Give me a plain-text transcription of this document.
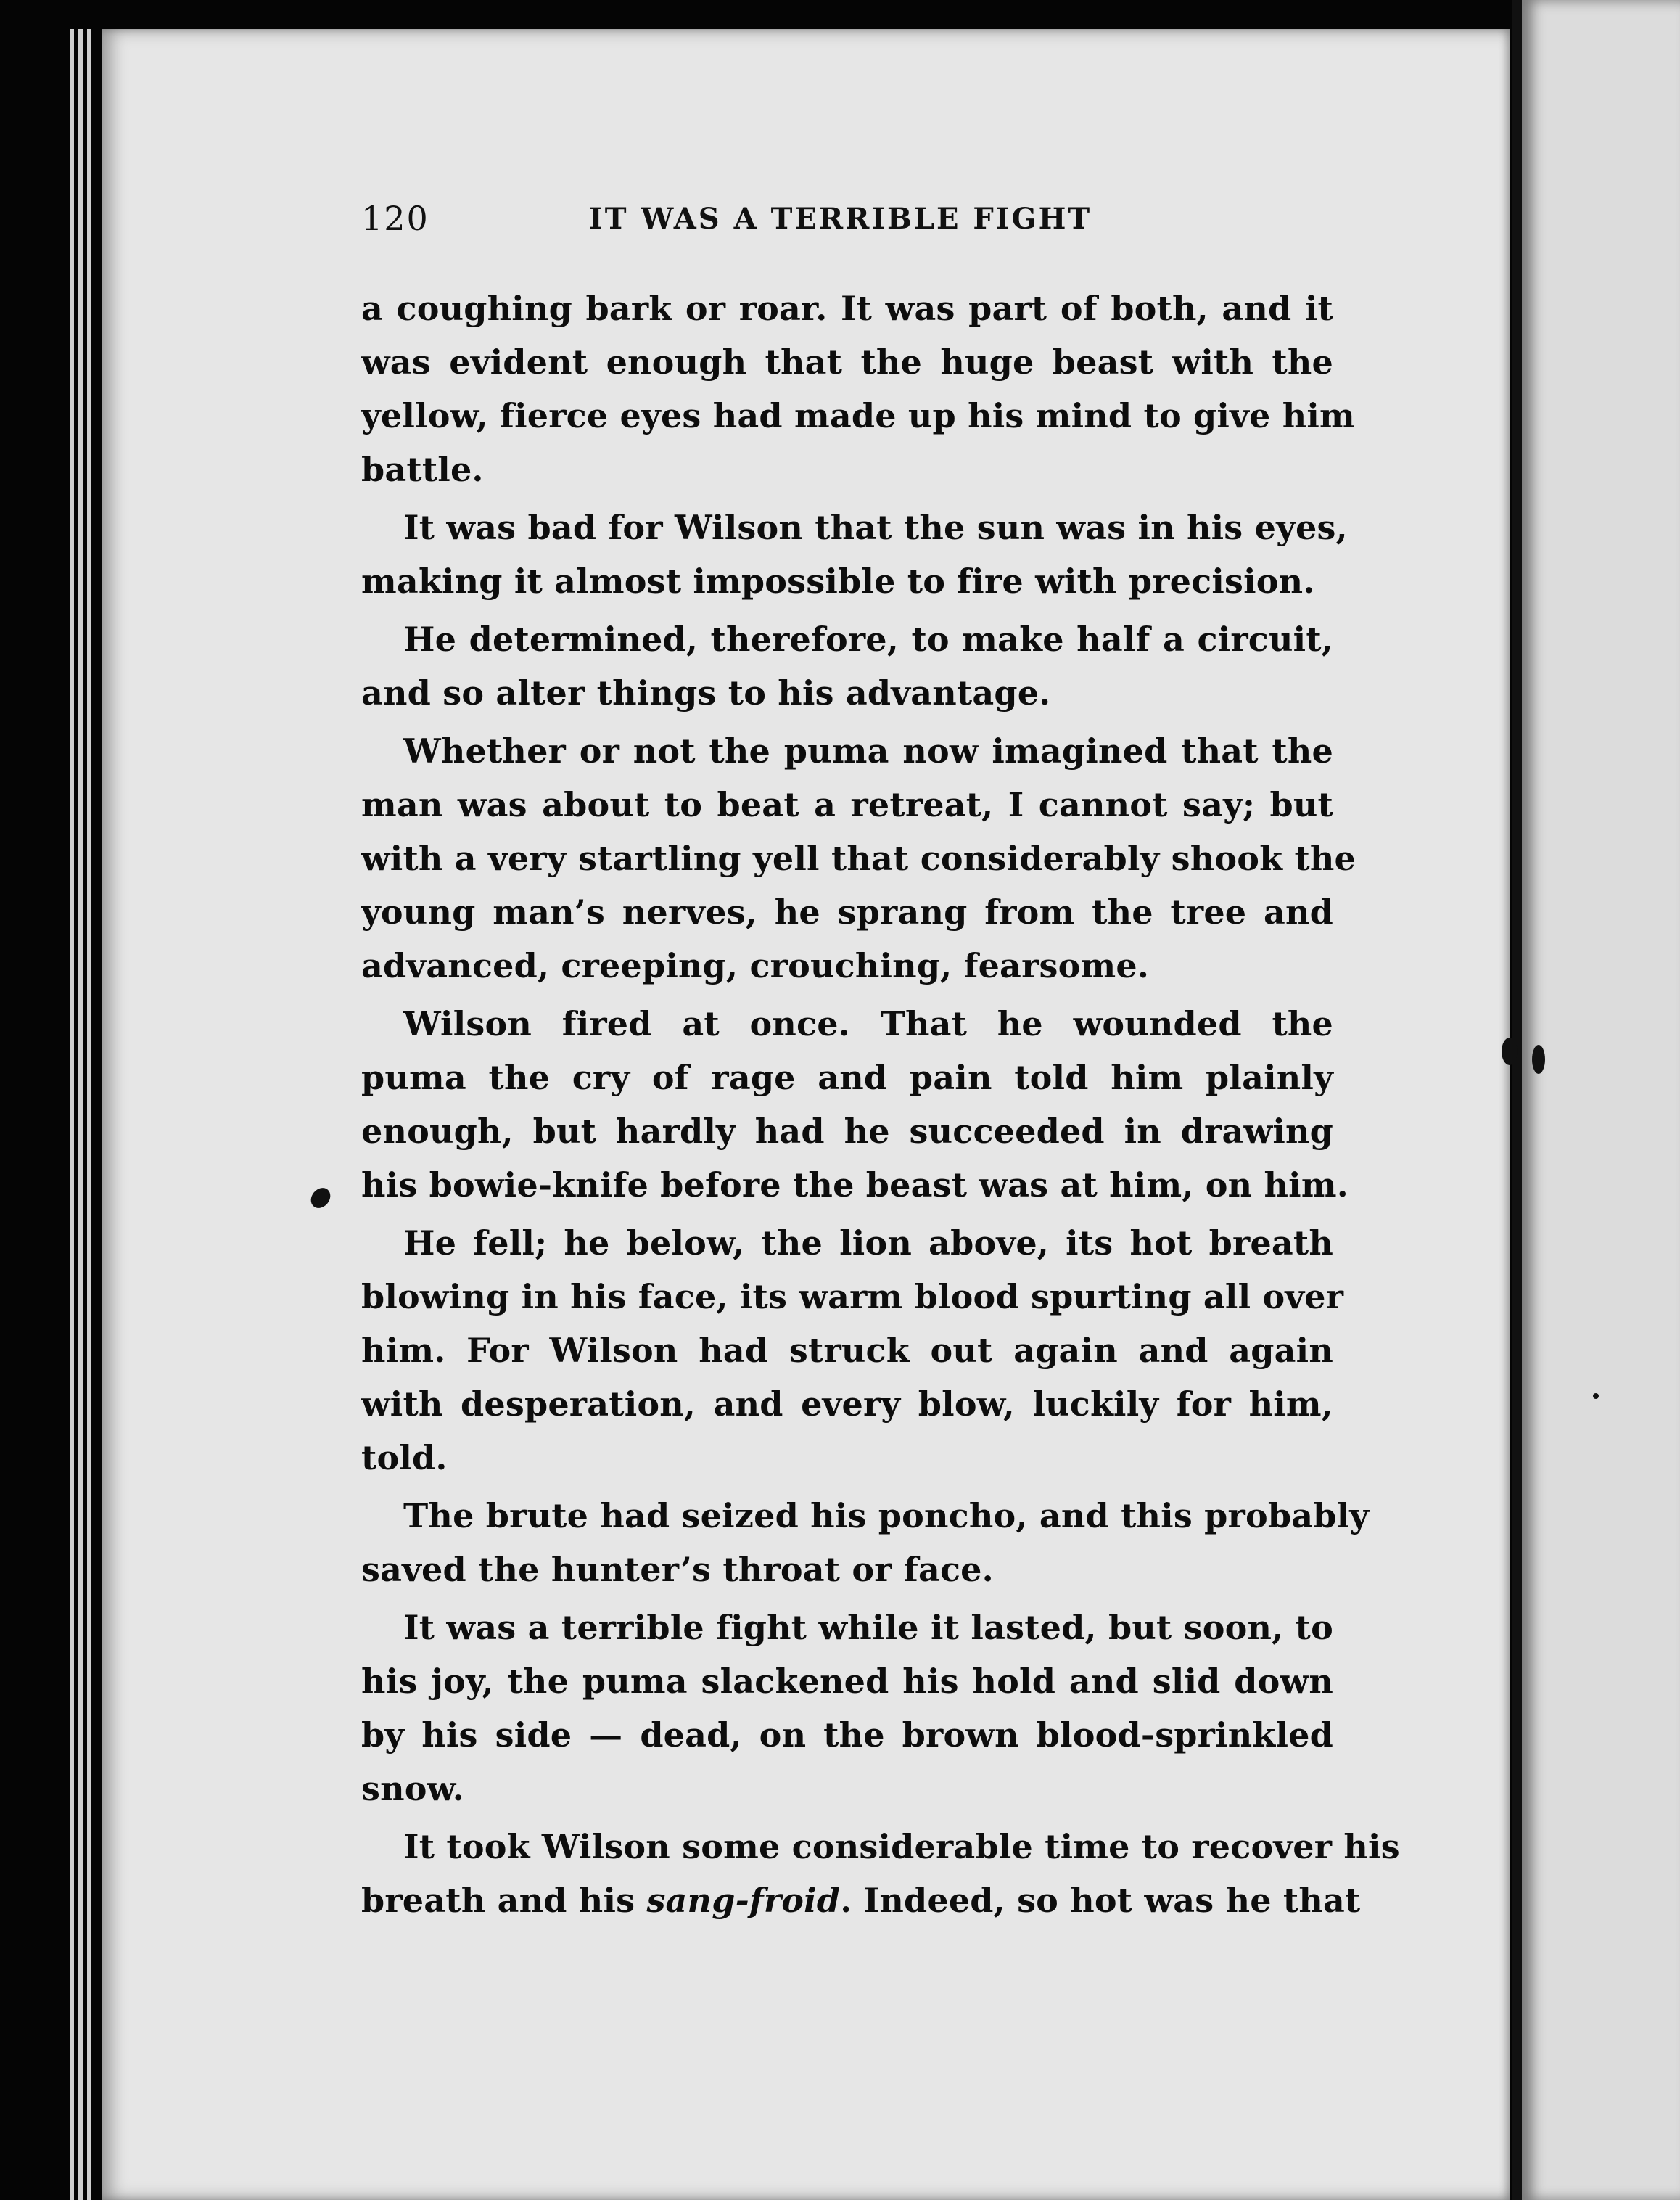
120	IT WAS A TERRIBLE FIGHT
a coughing bark or roar. It was part of both, and it
was evident enough that the huge beast with the
yellow, fierce eyes had made up his mind to give him
battle.
It was bad for Wilson that the sun was in his eyes,
making it almost impossible to fire with precision.
He determined, therefore, to make half a circuit,
and so alter things to his advantage.
Whether or not the puma now imagined that the
man was about to beat a retreat, I cannot say; but
with a very startling yell that considerably shook the
young man’s nerves, he sprang from the tree and
advanced, creeping, crouching, fearsome.
Wilson fired at once. That he wounded the
puma the cry of rage and pain told him plainly
enough, but hardly had he succeeded in drawing
his bowie-knife before the beast was at him, on him.
He fell; he below, the lion above, its hot breath
blowing in his face, its warm blood spurting all over
him. For Wilson had struck out again and again
with desperation, and every blow, luckily for him,
told.
The brute had seized his poncho, and this probably
saved the hunter’s throat or face.
It was a terrible fight while it lasted, but soon, to
his joy, the puma slackened his hold and slid down
by his side — dead, on the brown blood-sprinkled
snow.
It took Wilson some considerable time to recover his
breath and his sang-froid. Indeed, so hot was he that
